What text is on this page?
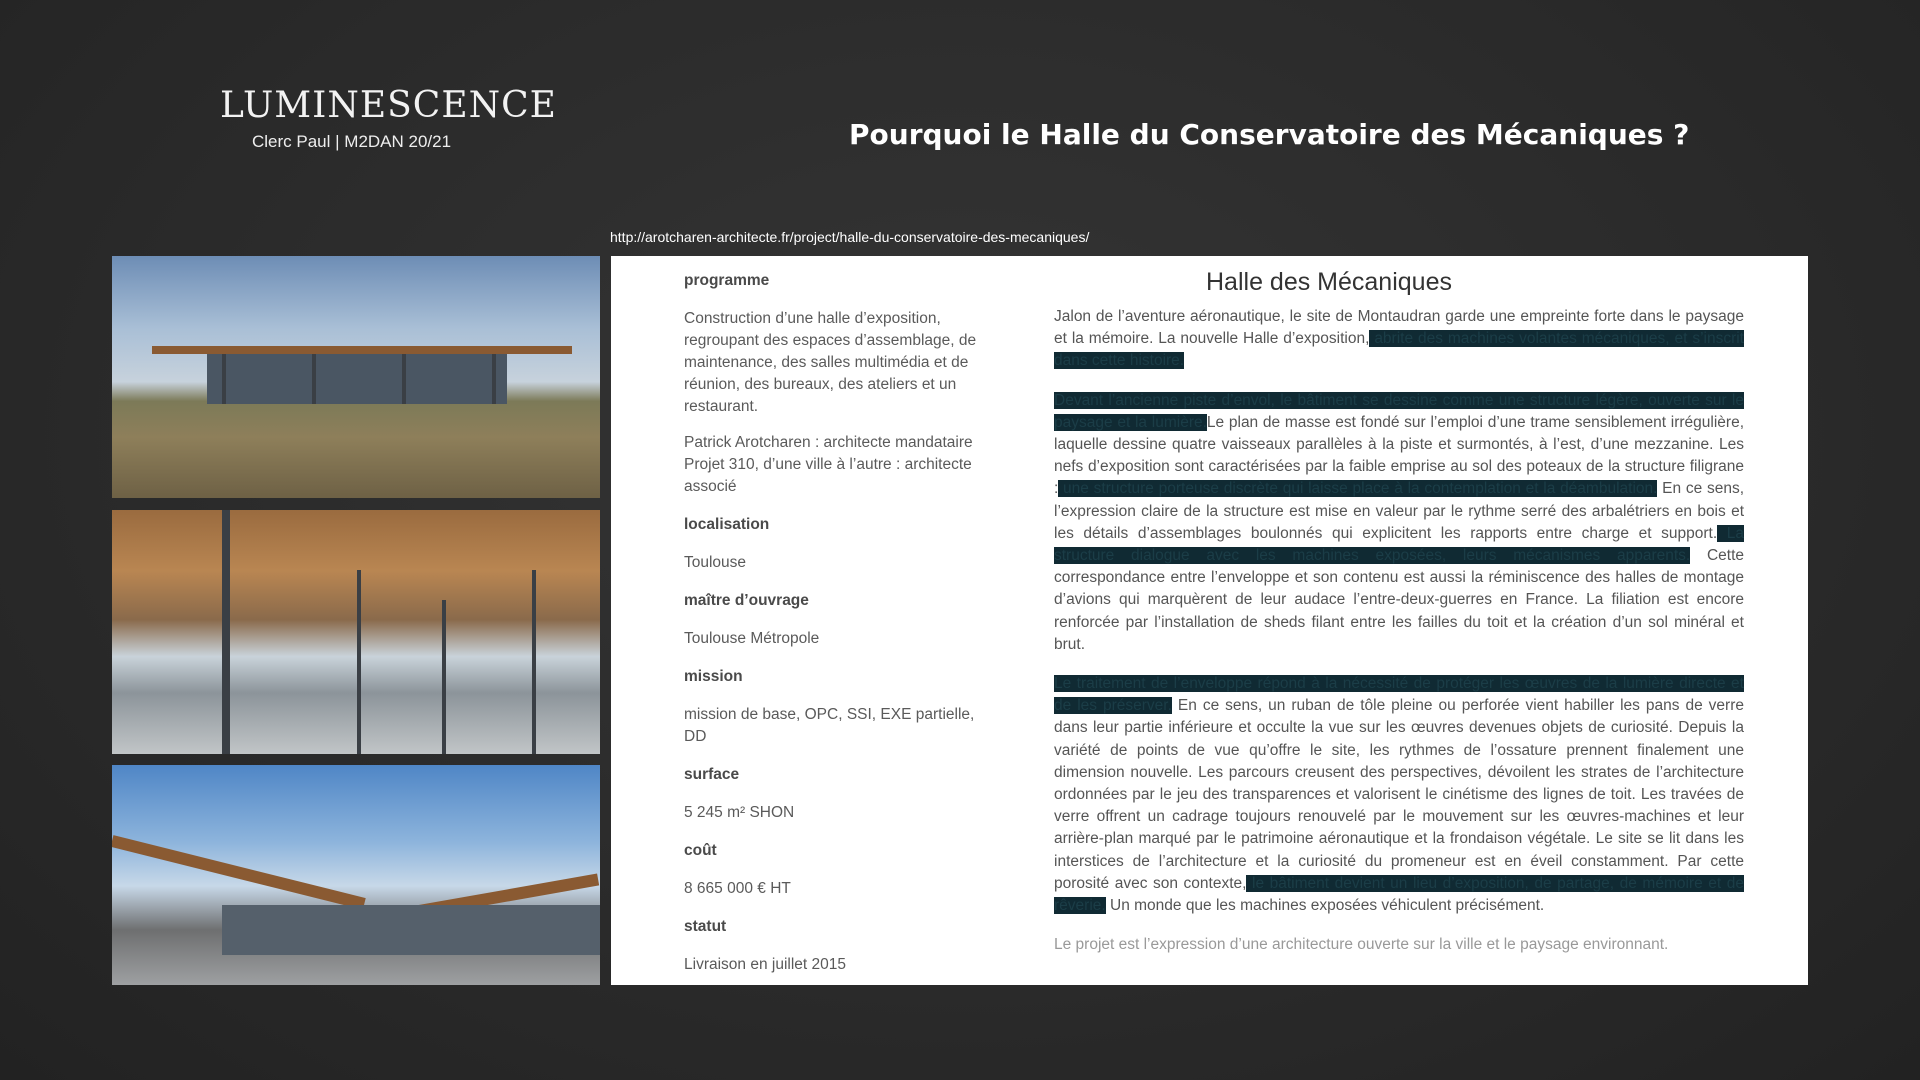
LUMINESCENCE
Clerc Paul | M2DAN 20/21	Pourquoi le Halle du Conservatoire des Mécaniques ?
http://arotcharen-architecte.fr/project/halle-du-conservatoire-des-mecaniques/

programme

Construction d’une halle d’exposition, regroupant des espaces d’assemblage, de maintenance, des salles multimédia et de réunion, des bureaux, des ateliers et un restaurant.

Patrick Arotcharen : architecte mandataire Projet 310, d’une ville à l’autre : architecte associé

localisation

Toulouse

maître d’ouvrage

Toulouse Métropole

mission

mission de base, OPC, SSI, EXE partielle, DD

surface

5 245 m² SHON

coût

8 665 000 € HT

statut

Livraison en juillet 2015

Halle des Mécaniques

Jalon de l’aventure aéronautique, le site de Montaudran garde une empreinte forte dans le paysage et la mémoire. La nouvelle Halle d’exposition, abrite des machines volantes mécaniques, et s’inscrit dans cette histoire.

Devant l’ancienne piste d’envol, le bâtiment se dessine comme une structure légère, ouverte sur le paysage et la lumière.Le plan de masse est fondé sur l’emploi d’une trame sensiblement irrégulière, laquelle dessine quatre vaisseaux parallèles à la piste et surmontés, à l’est, d’une mezzanine. Les nefs d’exposition sont caractérisées par la faible emprise au sol des poteaux de la structure filigrane : une structure porteuse discrète qui laisse place à la contemplation et la déambulation. En ce sens, l’expression claire de la structure est mise en valeur par le rythme serré des arbalétriers en bois et les détails d’assemblages boulonnés qui explicitent les rapports entre charge et support. La structure dialogue avec les machines exposées, leurs mécanismes apparents. Cette correspondance entre l’enveloppe et son contenu est aussi la réminiscence des halles de montage d’avions qui marquèrent de leur audace l’entre-deux-guerres en France. La filiation est encore renforcée par l’installation de sheds filant entre les failles du toit et la création d’un sol minéral et brut.

Le traitement de l’enveloppe répond à la nécessité de protéger les œuvres de la lumière directe et de les préserver. En ce sens, un ruban de tôle pleine ou perforée vient habiller les pans de verre dans leur partie inférieure et occulte la vue sur les œuvres devenues objets de curiosité. Depuis la variété de points de vue qu’offre le site, les rythmes de l’ossature prennent finalement une dimension nouvelle. Les parcours creusent des perspectives, dévoilent les strates de l’architecture ordonnées par le jeu des transparences et valorisent le cinétisme des lignes de toit. Les travées de verre offrent un cadrage toujours renouvelé par le mouvement sur les œuvres-machines et leur arrière-plan marqué par le patrimoine aéronautique et la frondaison végétale. Le site se lit dans les interstices de l’architecture et la curiosité du promeneur est en éveil constamment. Par cette porosité avec son contexte, le bâtiment devient un lieu d’exposition, de partage, de mémoire et de rêverie. Un monde que les machines exposées véhiculent précisément.

Le projet est l’expression d’une architecture ouverte sur la ville et le paysage environnant.
